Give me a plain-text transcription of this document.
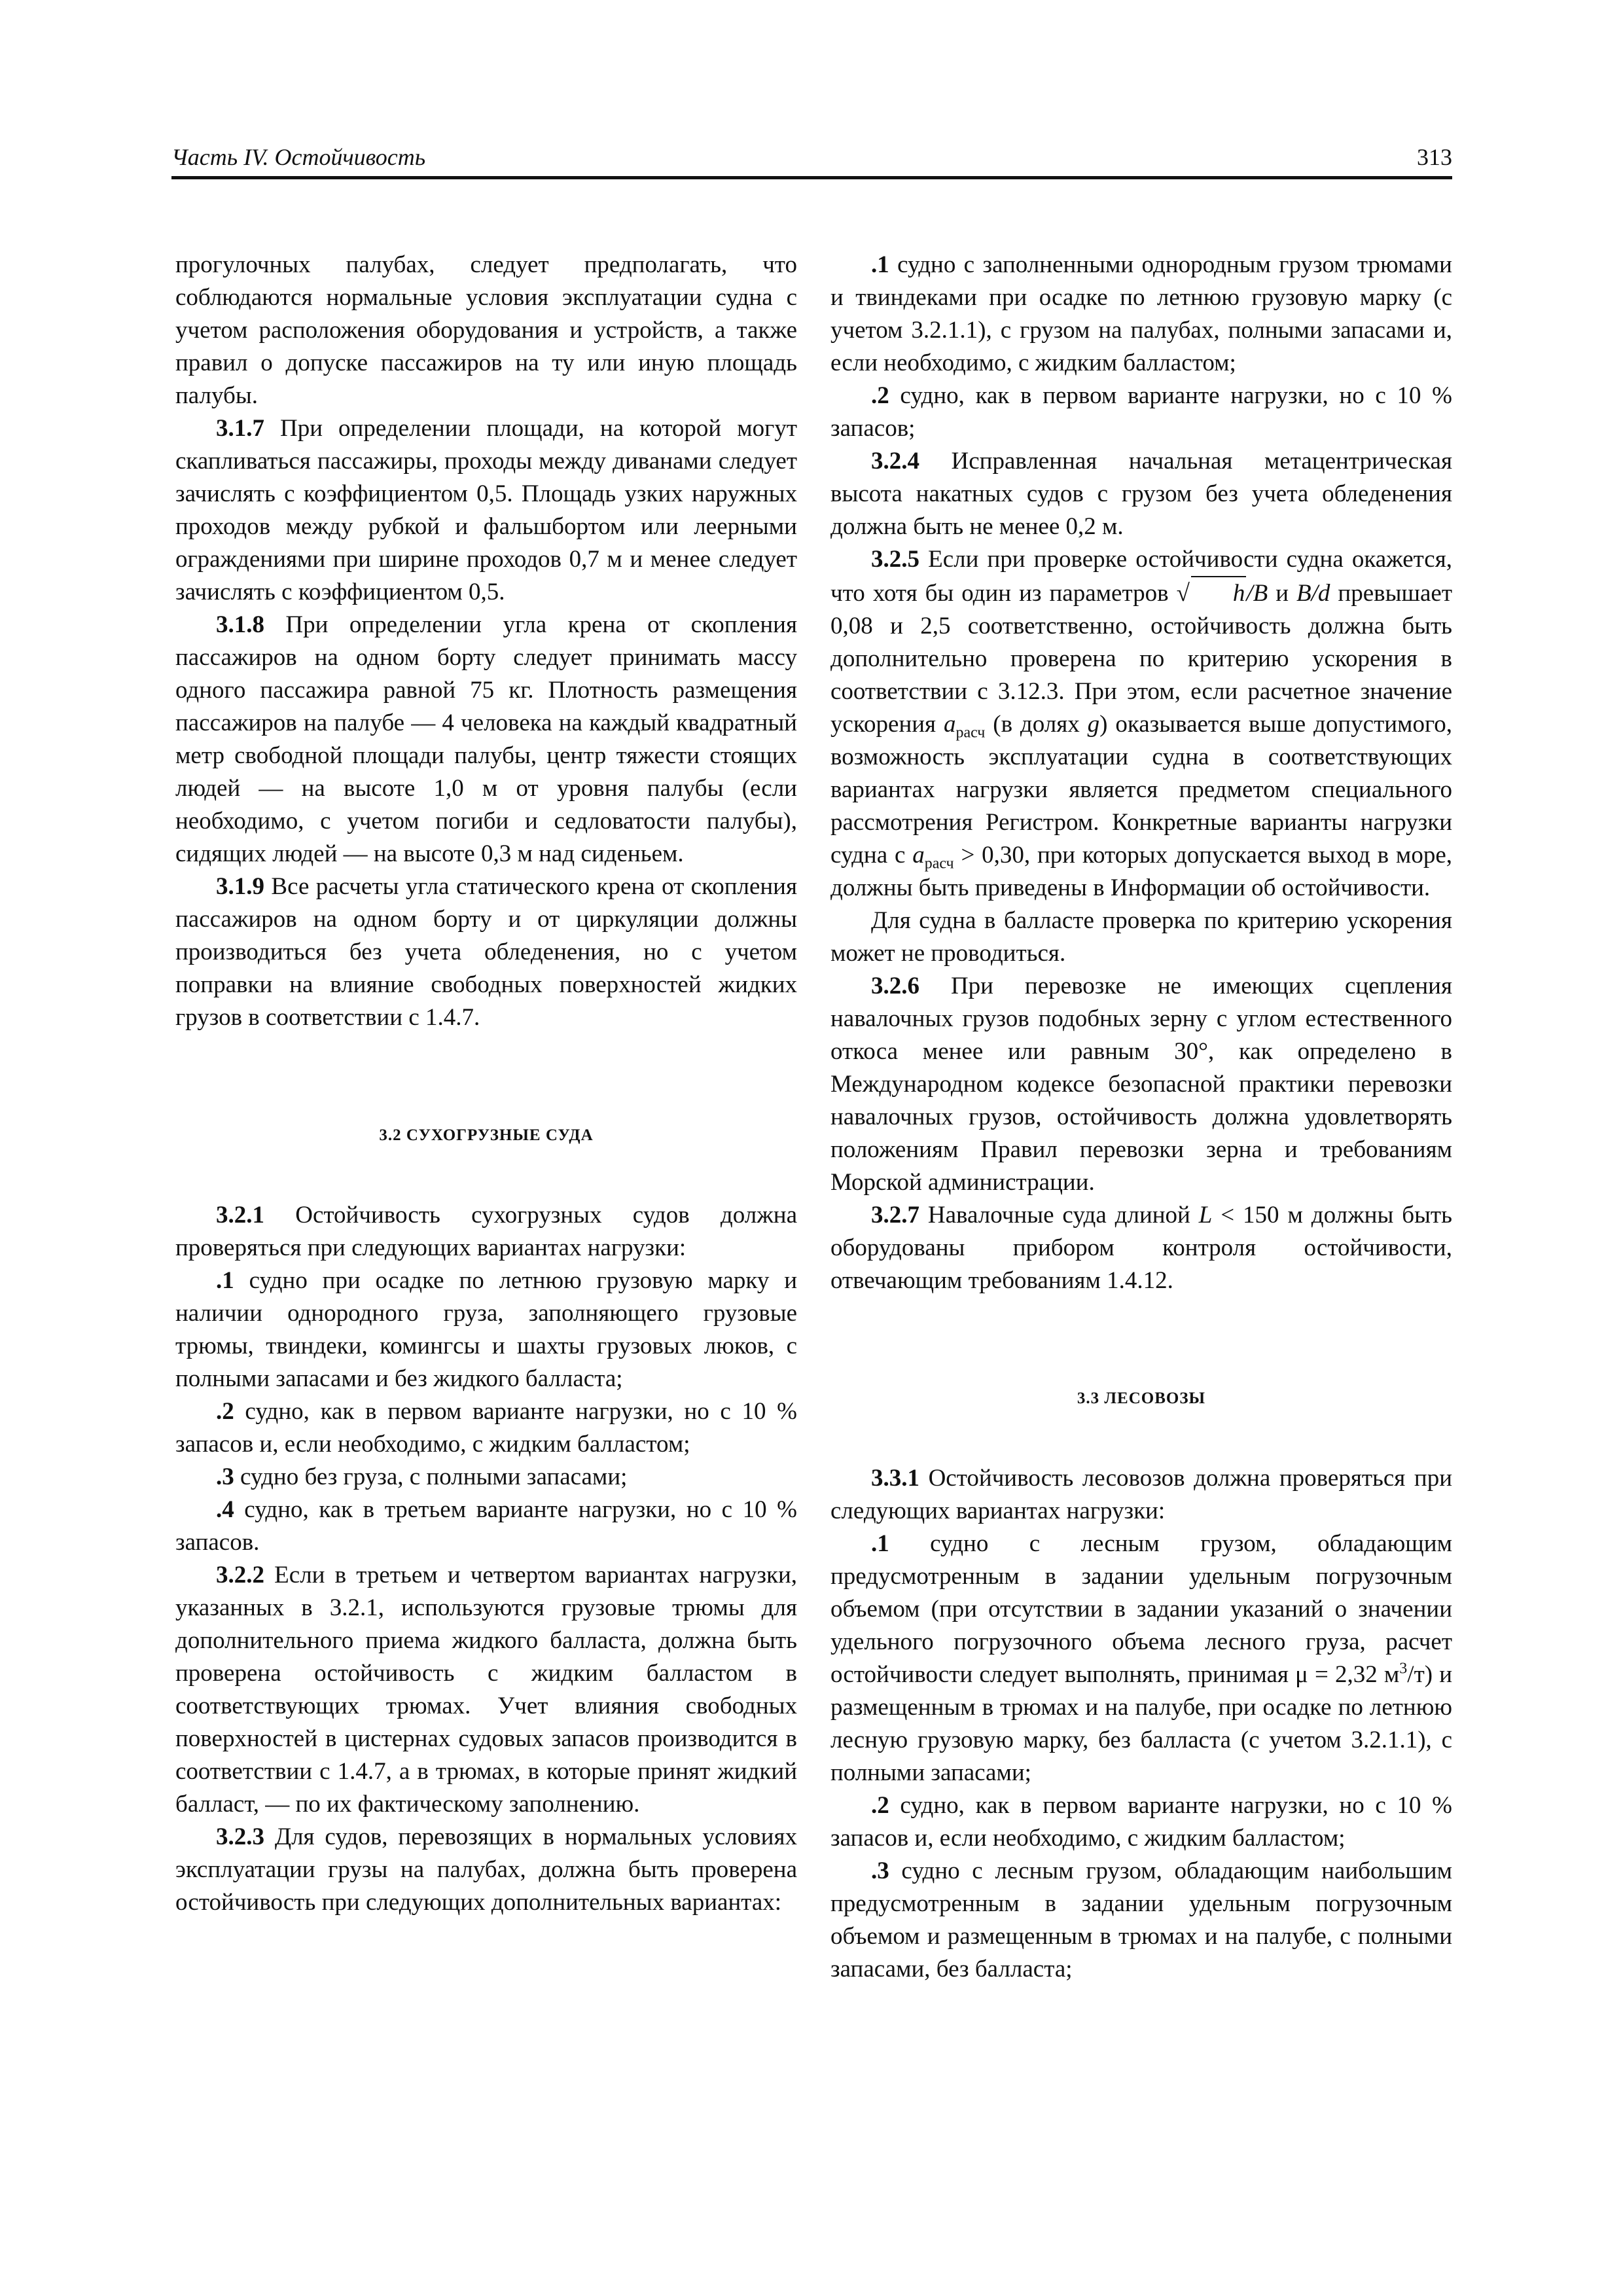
Часть IV. Остойчивость	313

прогулочных палубах, следует предполагать, что соблюдаются нормальные условия эксплуатации судна с учетом расположения оборудования и устройств, а также правил о допуске пассажиров на ту или иную площадь палубы.

3.1.7 При определении площади, на которой могут скапливаться пассажиры, проходы между диванами следует зачислять с коэффициентом 0,5. Площадь узких наружных проходов между рубкой и фальшбортом или леерными ограждениями при ширине проходов 0,7 м и менее следует зачислять с коэффициентом 0,5.

3.1.8 При определении угла крена от скопления пассажиров на одном борту следует принимать массу одного пассажира равной 75 кг. Плотность размещения пассажиров на палубе — 4 человека на каждый квадратный метр свободной площади палубы, центр тяжести стоящих людей — на высоте 1,0 м от уровня палубы (если необходимо, с учетом погиби и седловатости палубы), сидящих людей — на высоте 0,3 м над сиденьем.

3.1.9 Все расчеты угла статического крена от скопления пассажиров на одном борту и от циркуляции должны производиться без учета обледенения, но с учетом поправки на влияние свободных поверхностей жидких грузов в соответствии с 1.4.7.

3.2 СУХОГРУЗНЫЕ СУДА

3.2.1 Остойчивость сухогрузных судов должна проверяться при следующих вариантах нагрузки:

.1 судно при осадке по летнюю грузовую марку и наличии однородного груза, заполняющего грузовые трюмы, твиндеки, комингсы и шахты грузовых люков, с полными запасами и без жидкого балласта;

.2 судно, как в первом варианте нагрузки, но с 10 % запасов и, если необходимо, с жидким балластом;

.3 судно без груза, с полными запасами;

.4 судно, как в третьем варианте нагрузки, но с 10 % запасов.

3.2.2 Если в третьем и четвертом вариантах нагрузки, указанных в 3.2.1, используются грузовые трюмы для дополнительного приема жидкого балласта, должна быть проверена остойчивость с жидким балластом в соответствующих трюмах. Учет влияния свободных поверхностей в цистернах судовых запасов производится в соответствии с 1.4.7, а в трюмах, в которые принят жидкий балласт, — по их фактическому заполнению.

3.2.3 Для судов, перевозящих в нормальных условиях эксплуатации грузы на палубах, должна быть проверена остойчивость при следующих дополнительных вариантах:

.1 судно с заполненными однородным грузом трюмами и твиндеками при осадке по летнюю грузовую марку (с учетом 3.2.1.1), с грузом на палубах, полными запасами и, если необходимо, с жидким балластом;

.2 судно, как в первом варианте нагрузки, но с 10 % запасов;

3.2.4 Исправленная начальная метацентрическая высота накатных судов с грузом без учета обледенения должна быть не менее 0,2 м.

3.2.5 Если при проверке остойчивости судна окажется, что хотя бы один из параметров √ h/B и B/d превышает 0,08 и 2,5 соответственно, остойчивость должна быть дополнительно проверена по критерию ускорения в соответствии с 3.12.3. При этом, если расчетное значение ускорения $a_{расч}$ (в долях g) оказывается выше допустимого, возможность эксплуатации судна в соответствующих вариантах нагрузки является предметом специального рассмотрения Регистром. Конкретные варианты нагрузки судна с $a_{расч} > 0,30$, при которых допускается выход в море, должны быть приведены в Информации об остойчивости.

Для судна в балласте проверка по критерию ускорения может не проводиться.

3.2.6 При перевозке не имеющих сцепления навалочных грузов подобных зерну с углом естественного откоса менее или равным 30°, как определено в Международном кодексе безопасной практики перевозки навалочных грузов, остойчивость должна удовлетворять положениям Правил перевозки зерна и требованиям Морской администрации.

3.2.7 Навалочные суда длиной L < 150 м должны быть оборудованы прибором контроля остойчивости, отвечающим требованиям 1.4.12.

3.3 ЛЕСОВОЗЫ

3.3.1 Остойчивость лесовозов должна проверяться при следующих вариантах нагрузки:

.1 судно с лесным грузом, обладающим предусмотренным в задании удельным погрузочным объемом (при отсутствии в задании указаний о значении удельного погрузочного объема лесного груза, расчет остойчивости следует выполнять, принимая μ = 2,32 $м^3/т$) и размещенным в трюмах и на палубе, при осадке по летнюю лесную грузовую марку, без балласта (с учетом 3.2.1.1), с полными запасами;

.2 судно, как в первом варианте нагрузки, но с 10 % запасов и, если необходимо, с жидким балластом;

.3 судно с лесным грузом, обладающим наибольшим предусмотренным в задании удельным погрузочным объемом и размещенным в трюмах и на палубе, с полными запасами, без балласта;
